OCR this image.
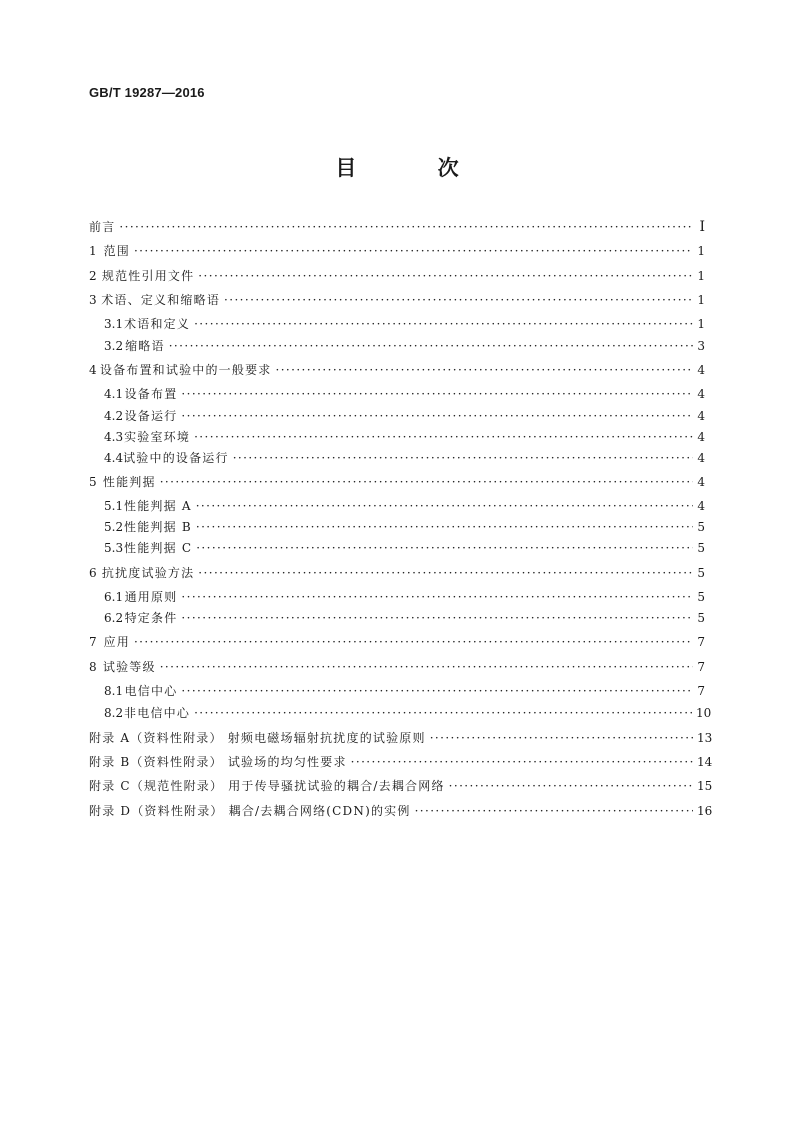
GB/T 19287—2016
目 次
前言 ·····	I
1 范围 ·····	1
2 规范性引用文件 ·····	1
3 术语、定义和缩略语 ·····	1
3.1 术语和定义 ·····	1
3.2 缩略语 ·····	3
4 设备布置和试验中的一般要求 ·····	4
4.1 设备布置 ·····	4
4.2 设备运行 ·····	4
4.3 实验室环境 ·····	4
4.4 试验中的设备运行 ·····	4
5 性能判据 ·····	4
5.1 性能判据 A ·····	4
5.2 性能判据 B ·····	5
5.3 性能判据 C ·····	5
6 抗扰度试验方法 ·····	5
6.1 通用原则 ·····	5
6.2 特定条件 ·····	5
7 应用 ·····	7
8 试验等级 ·····	7
8.1 电信中心 ·····	7
8.2 非电信中心 ·····	10
附录 A（资料性附录） 射频电磁场辐射抗扰度的试验原则 ·····	13
附录 B（资料性附录） 试验场的均匀性要求 ·····	14
附录 C（规范性附录） 用于传导骚扰试验的耦合/去耦合网络 ·····	15
附录 D（资料性附录） 耦合/去耦合网络(CDN)的实例 ·····	16
